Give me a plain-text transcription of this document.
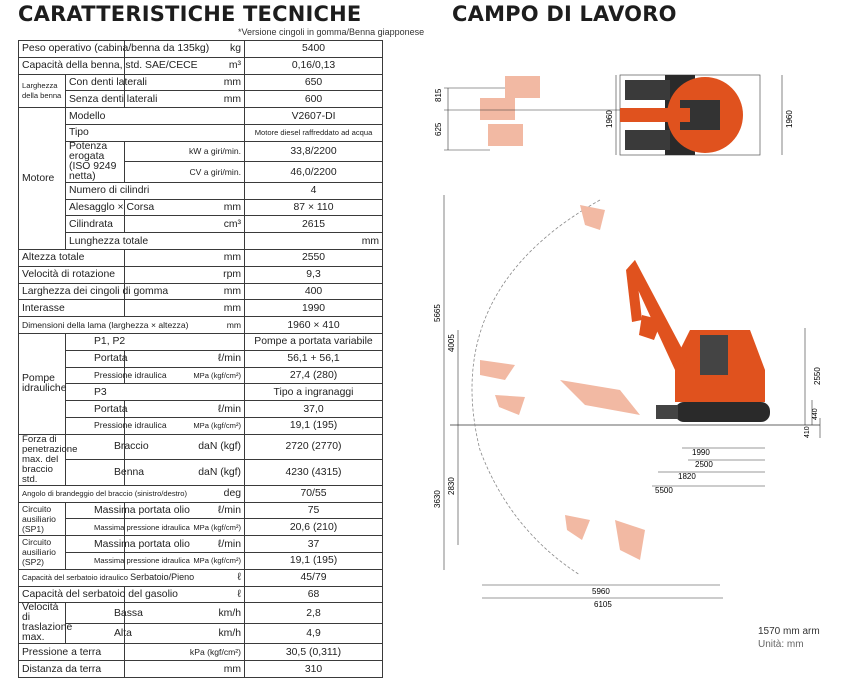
CARATTERISTICHE TECNICHE	CAMPO DI LAVORO
*Versione cingoli in gomma/Benna giapponese
Peso operativo (cabina/benna da 135kg)		kg	5400	
Capacità della benna, std. SAE/CECE		m³	0,16/0,13	
Larghezza della benna	Con denti laterali	mm	650	
	Senza denti laterali	mm	600	
Motore	Modello		V2607-DI	
	Tipo		Motore diesel raffreddato ad acqua	
	Potenza erogata (ISO 9249 netta)	kW a giri/min.	33,8/2200	
		CV a giri/min.	46,0/2200	
	Numero di cilindri		4	
	Alesagglo × Corsa	mm	87 × 110	
	Cilindrata	cm³	2615	
	Lunghezza totale		mm	
Altezza totale		mm	2550	
Velocità di rotazione		rpm	9,3	
Larghezza dei cingoli di gomma		mm	400	
Interasse		mm	1990	
Dimensioni della lama (larghezza × altezza) mm			1960 × 410	
Pompe idrauliche	P1, P2		Pompe a portata variabile	
	Portata	ℓ/min	56,1 + 56,1	
	Pressione idraulica	MPa (kgf/cm²)	27,4 (280)	
	P3		Tipo a ingranaggi	
	Portata	ℓ/min	37,0	
	Pressione idraulica	MPa (kgf/cm²)	19,1 (195)	
Forza di penetrazione max. del braccio std.	Braccio	daN (kgf)	2720 (2770)	
	Benna	daN (kgf)	4230 (4315)	
Angolo di brandeggio del braccio (sinistro/destro) deg			70/55	
Circuito ausiliario (SP1)	Massima portata olio	ℓ/min	75	
	Massima pressione idraulica	MPa (kgf/cm²)	20,6 (210)	
Circuito ausiliario (SP2)	Massima portata olio	ℓ/min	37	
	Massima pressione idraulica	MPa (kgf/cm²)	19,1 (195)	
Capacità del serbatoio idraulico Serbatoio/Pieno ℓ			45/79	
Capacità del serbatoio del gasolio		ℓ	68	
Velocità di traslazione max.	Bassa	km/h	2,8	
	Alta	km/h	4,9	
Pressione a terra		kPa (kgf/cm²)	30,5 (0,311)	
Distanza da terra		mm	310	
815
625
1960	1960
5665
4005
3630
2830
2550
410
440
1990
2500
1820
5500
5960
6105
1570 mm arm
Unità: mm
